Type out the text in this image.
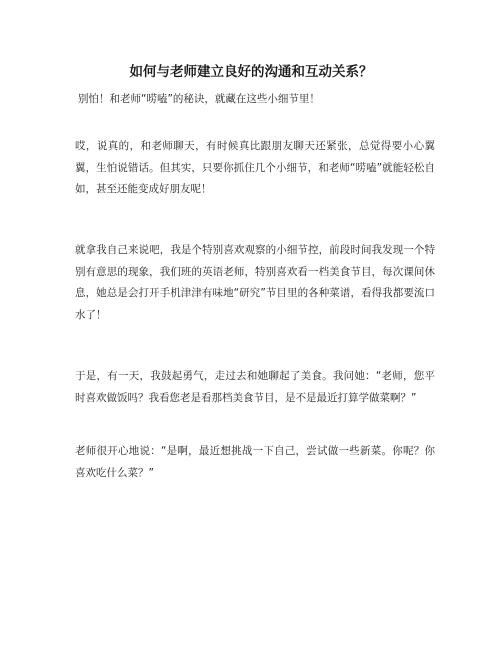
如何与老师建立良好的沟通和互动关系？

别怕！和老师“唠嗑”的秘诀，就藏在这些小细节里！

哎，说真的，和老师聊天，有时候真比跟朋友聊天还紧张，总觉得要小心翼翼，生怕说错话。但其实，只要你抓住几个小细节，和老师“唠嗑”就能轻松自如，甚至还能变成好朋友呢！

就拿我自己来说吧，我是个特别喜欢观察的小细节控，前段时间我发现一个特别有意思的现象，我们班的英语老师，特别喜欢看一档美食节目，每次课间休息，她总是会打开手机津津有味地“研究”节目里的各种菜谱，看得我都要流口水了！

于是，有一天，我鼓起勇气，走过去和她聊起了美食。我问她：“老师，您平时喜欢做饭吗？我看您老是看那档美食节目，是不是最近打算学做菜啊？”

老师很开心地说：“是啊，最近想挑战一下自己，尝试做一些新菜。你呢？你喜欢吃什么菜？”
